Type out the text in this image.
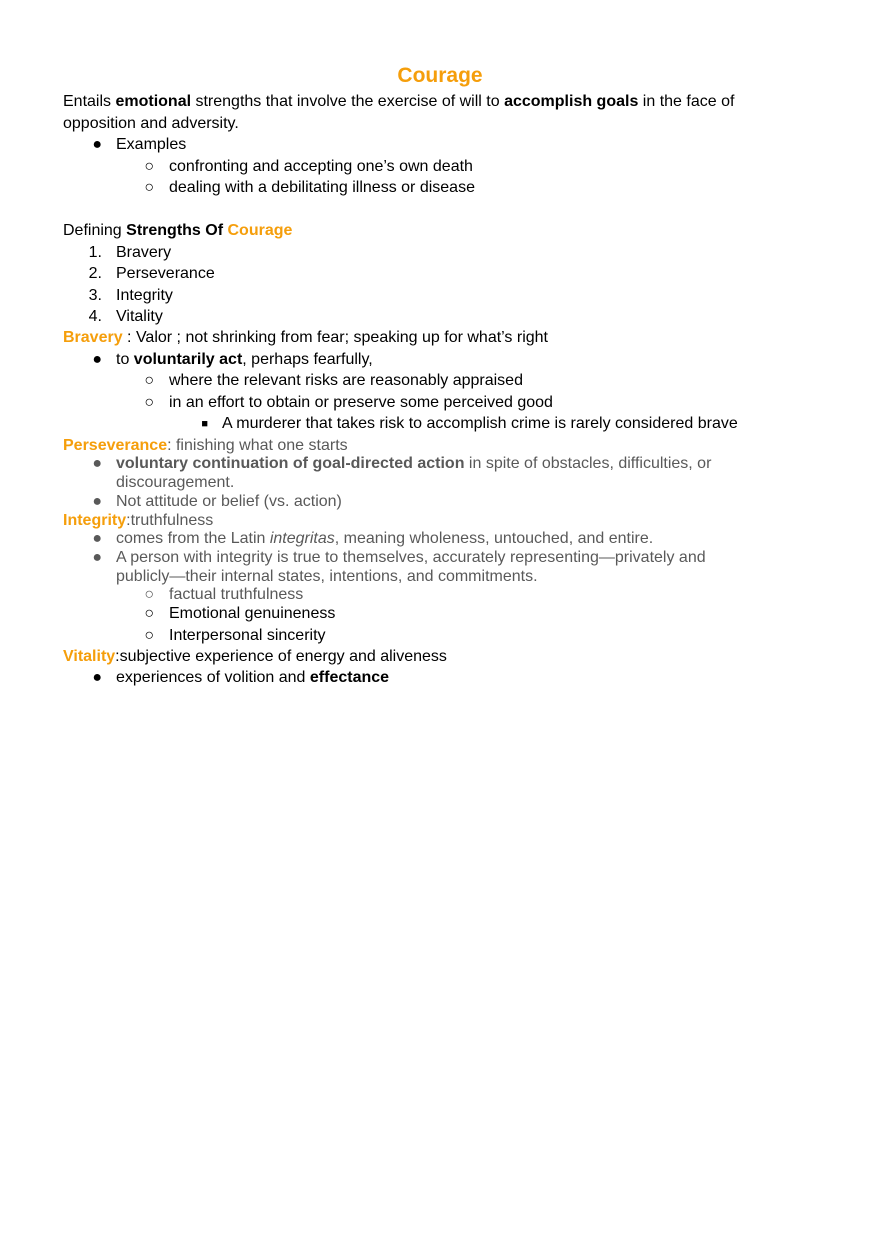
Courage
Entails emotional strengths that involve the exercise of will to accomplish goals in the face of
opposition and adversity.
● Examples
○ confronting and accepting one’s own death
○ dealing with a debilitating illness or disease
Defining Strengths Of Courage
1. Bravery
2. Perseverance
3. Integrity
4. Vitality
Bravery : Valor ; not shrinking from fear; speaking up for what’s right
● to voluntarily act, perhaps fearfully,
○ where the relevant risks are reasonably appraised
○ in an effort to obtain or preserve some perceived good
■ A murderer that takes risk to accomplish crime is rarely considered brave
Perseverance: finishing what one starts
● voluntary continuation of goal-directed action in spite of obstacles, difficulties, or
discouragement.
● Not attitude or belief (vs. action)
Integrity:truthfulness
● comes from the Latin integritas, meaning wholeness, untouched, and entire.
● A person with integrity is true to themselves, accurately representing—privately and
publicly—their internal states, intentions, and commitments.
○ factual truthfulness
○ Emotional genuineness
○ Interpersonal sincerity
Vitality:subjective experience of energy and aliveness
● experiences of volition and effectance
